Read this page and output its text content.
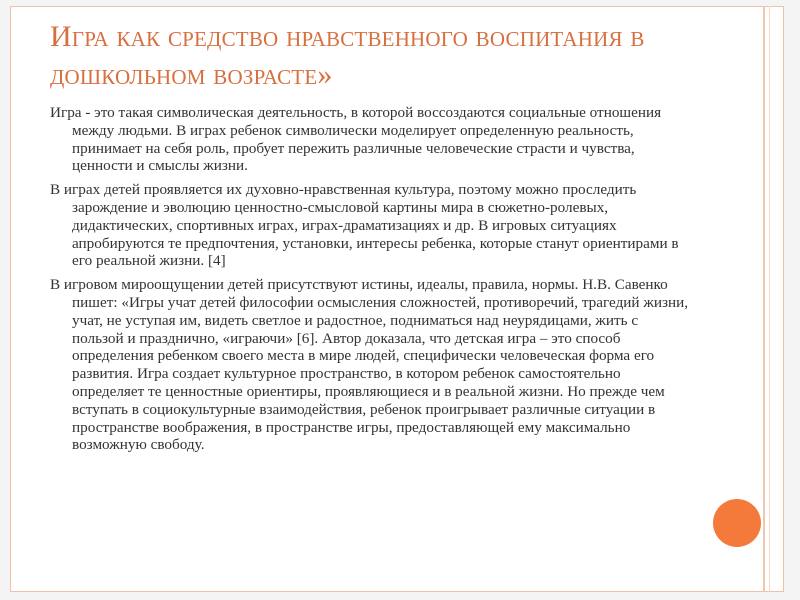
Игра как средство нравственного воспитания в дошкольном возрасте»

Игра - это такая символическая деятельность, в которой воссоздаются социальные отношения между людьми. В играх ребенок символически моделирует определенную реальность, принимает на себя роль, пробует пережить различные человеческие страсти и чувства, ценности и смыслы жизни.

В играх детей проявляется их духовно-нравственная культура, поэтому можно проследить зарождение и эволюцию ценностно-смысловой картины мира в сюжетно-ролевых, дидактических, спортивных играх, играх-драматизациях и др. В игровых ситуациях апробируются те предпочтения, установки, интересы ребенка, которые станут ориентирами в его реальной жизни. [4]

В игровом мироощущении детей присутствуют истины, идеалы, правила, нормы. Н.В. Савенко пишет: «Игры учат детей философии осмысления сложностей, противоречий, трагедий жизни, учат, не уступая им, видеть светлое и радостное, подниматься над неурядицами, жить с пользой и празднично, «играючи» [6]. Автор доказала, что детская игра – это способ определения ребенком своего места в мире людей, специфически человеческая форма его развития. Игра создает культурное пространство, в котором ребенок самостоятельно определяет те ценностные ориентиры, проявляющиеся и в реальной жизни. Но прежде чем вступать в социокультурные взаимодействия, ребенок проигрывает различные ситуации в пространстве воображения, в пространстве игры, предоставляющей ему максимально возможную свободу.
